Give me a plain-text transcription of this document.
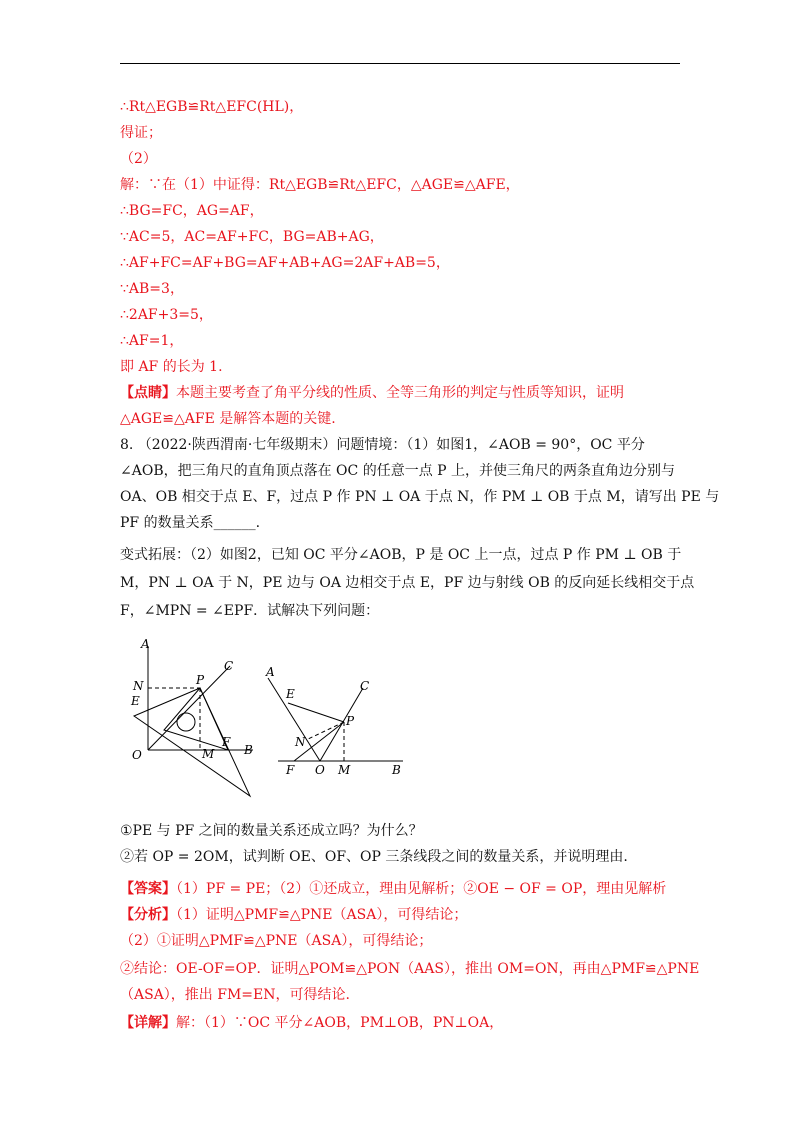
∴Rt△EGB≌Rt△EFC(HL)，
得证；
（2）
解：∵在（1）中证得：Rt△EGB≌Rt△EFC，△AGE≌△AFE，
∴BG=FC，AG=AF，
∵AC=5，AC=AF+FC，BG=AB+AG，
∴AF+FC=AF+BG=AF+AB+AG=2AF+AB=5，
∵AB=3，
∴2AF+3=5，
∴AF=1，
即 AF 的长为 1.
【点睛】本题主要考查了角平分线的性质、全等三角形的判定与性质等知识，证明
△AGE≌△AFE 是解答本题的关键.
8. （2022·陕西渭南·七年级期末）问题情境：（1）如图1，∠AOB = 90°，OC 平分
∠AOB，把三角尺的直角顶点落在 OC 的任意一点 P 上，并使三角尺的两条直角边分别与
OA、OB 相交于点 E、F，过点 P 作 PN ⊥ OA 于点 N，作 PM ⊥ OB 于点 M，请写出 PE 与
PF 的数量关系______.
变式拓展：（2）如图2，已知 OC 平分∠AOB，P 是 OC 上一点，过点 P 作 PM ⊥ OB 于
M，PN ⊥ OA 于 N，PE 边与 OA 边相交于点 E，PF 边与射线 OB 的反向延长线相交于点
F，∠MPN = ∠EPF．试解决下列问题：
A
C
N	P
E
O	M
F
B
A
E
C
P
N
F O M	B
①PE 与 PF 之间的数量关系还成立吗？为什么？
②若 OP = 2OM，试判断 OE、OF、OP 三条线段之间的数量关系，并说明理由.
【答案】（1）PF = PE；（2）①还成立，理由见解析；②OE − OF = OP，理由见解析
【分析】（1）证明△PMF≌△PNE（ASA），可得结论；
（2）①证明△PMF≌△PNE（ASA），可得结论；
②结论：OE-OF=OP．证明△POM≌△PON（AAS），推出 OM=ON，再由△PMF≌△PNE
（ASA），推出 FM=EN，可得结论.
【详解】解：（1）∵OC 平分∠AOB，PM⊥OB，PN⊥OA，
